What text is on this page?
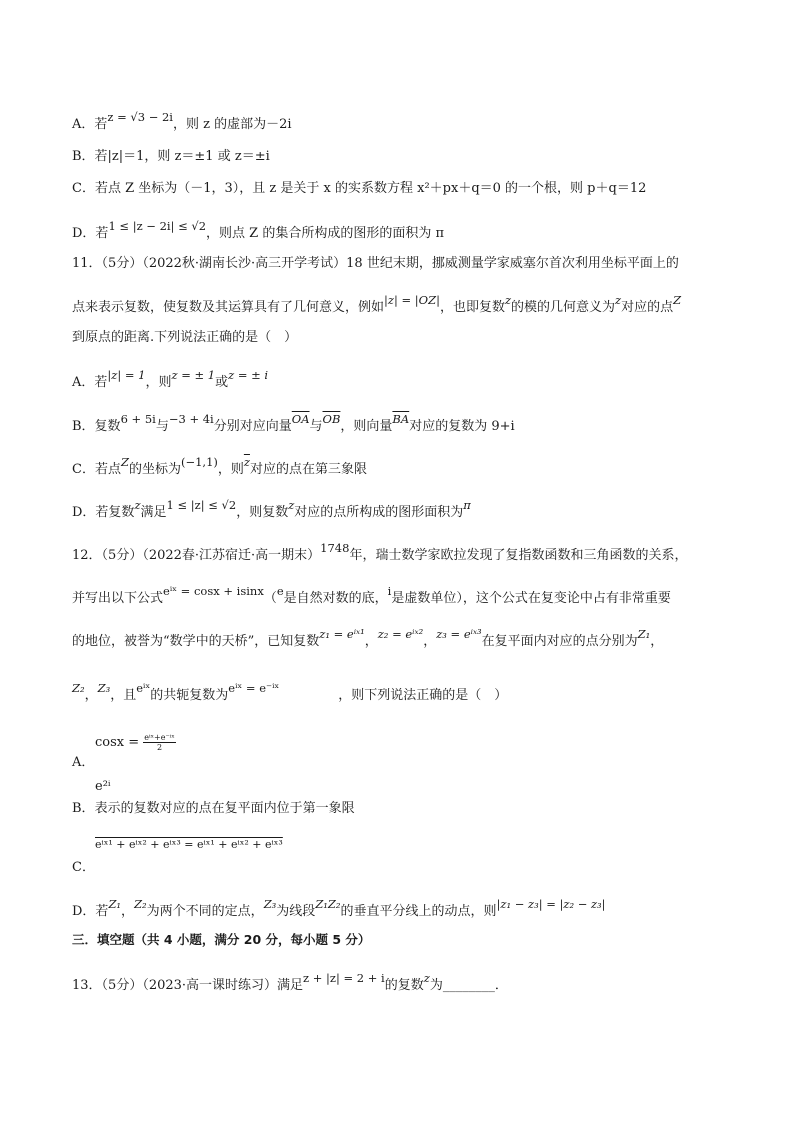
A．若z = √3 − 2i，则 z 的虚部为－2i
B．若|z|＝1，则 z＝±1 或 z＝±i
C．若点 Z 坐标为（－1，3），且 z 是关于 x 的实系数方程 x²＋px＋q＝0 的一个根，则 p＋q＝12
D．若1 ≤ |z − 2i| ≤ √2，则点 Z 的集合所构成的图形的面积为 π
11．（5分）（2022秋·湖南长沙·高三开学考试）18 世纪末期，挪威测量学家威塞尔首次利用坐标平面上的
点来表示复数，使复数及其运算具有了几何意义，例如|z| = |OZ|，也即复数z的模的几何意义为z对应的点Z
到原点的距离.下列说法正确的是（　）
A．若|z| = 1，则z = ± 1或z = ± i
B．复数6 + 5i与−3 + 4i分别对应向量$\overline{OA}$与$\overline{OB}$，则向量$\overline{BA}$对应的复数为 9+i
C．若点Z的坐标为(−1,1)，则$\overline{z}$对应的点在第三象限
D．若复数z满足1 ≤ |z| ≤ √2，则复数z对应的点所构成的图形面积为π
12．（5分）（2022春·江苏宿迁·高一期末）1748年，瑞士数学家欧拉发现了复指数函数和三角函数的关系，
并写出以下公式eⁱˣ = cosx + isinx（e是自然对数的底，i是虚数单位），这个公式在复变论中占有非常重要
的地位，被誉为“数学中的天桥”，已知复数z₁ = eⁱˣ¹，z₂ = eⁱˣ²，z₃ = eⁱˣ³在复平面内对应的点分别为Z₁，
Z₂，Z₃，且eⁱˣ的共轭复数为eⁱˣ = e⁻ⁱˣ	，则下列说法正确的是（　）
$\cos x = \frac{\text{eⁱˣ+e⁻ⁱˣ}}{2}$
A．
e²ⁱ
B．表示的复数对应的点在复平面内位于第一象限
eⁱˣ¹ + eⁱˣ² + eⁱˣ³ = eⁱˣ¹ + eⁱˣ² + eⁱˣ³
C．
D．若Z₁，Z₂为两个不同的定点，Z₃为线段Z₁Z₂的垂直平分线上的动点，则|z₁ − z₃| = |z₂ − z₃|
三．填空题（共 4 小题，满分 20 分，每小题 5 分）
13．（5分）（2023·高一课时练习）满足z + |z| = 2 + i的复数z为________．
